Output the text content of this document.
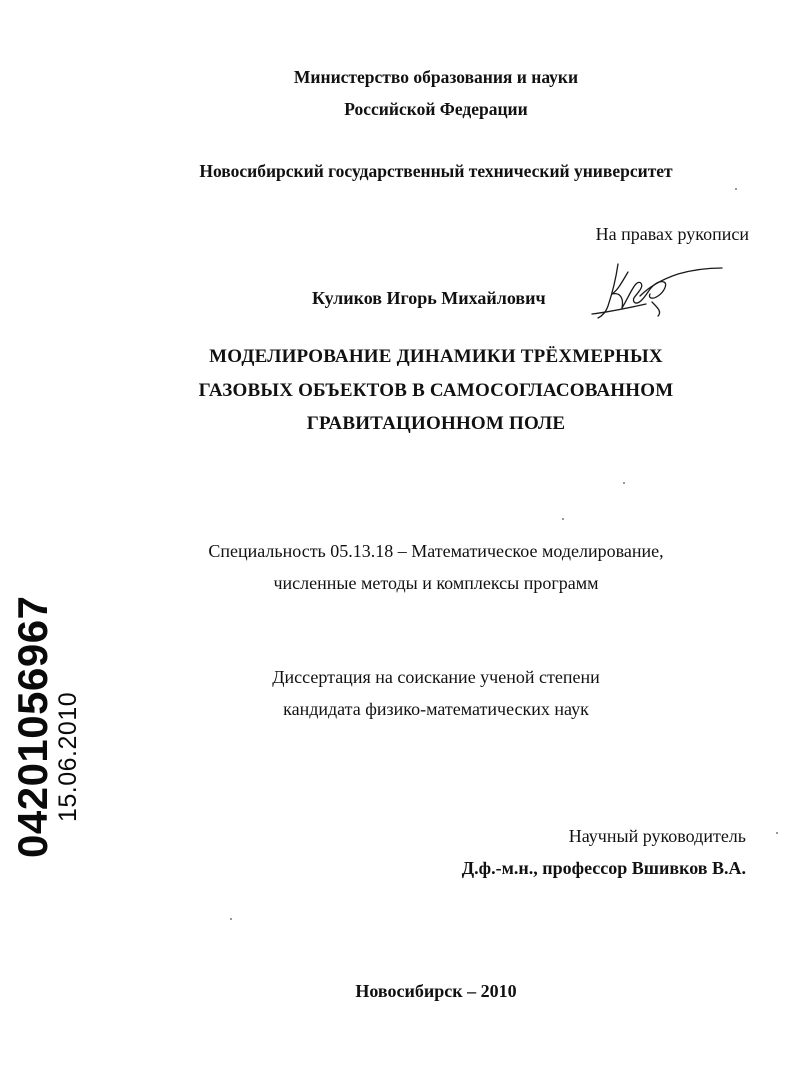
Министерство образования и науки
Российской Федерации
Новосибирский государственный технический университет
На правах рукописи
Куликов Игорь Михайлович
МОДЕЛИРОВАНИЕ ДИНАМИКИ ТРЁХМЕРНЫХ
ГАЗОВЫХ ОБЪЕКТОВ В САМОСОГЛАСОВАННОМ
ГРАВИТАЦИОННОМ ПОЛЕ
Специальность 05.13.18 – Математическое моделирование,
численные методы и комплексы программ
Диссертация на соискание ученой степени
кандидата физико-математических наук
Научный руководитель
Д.ф.-м.н., профессор Вшивков В.А.
Новосибирск – 2010
04201056967
15.06.2010
